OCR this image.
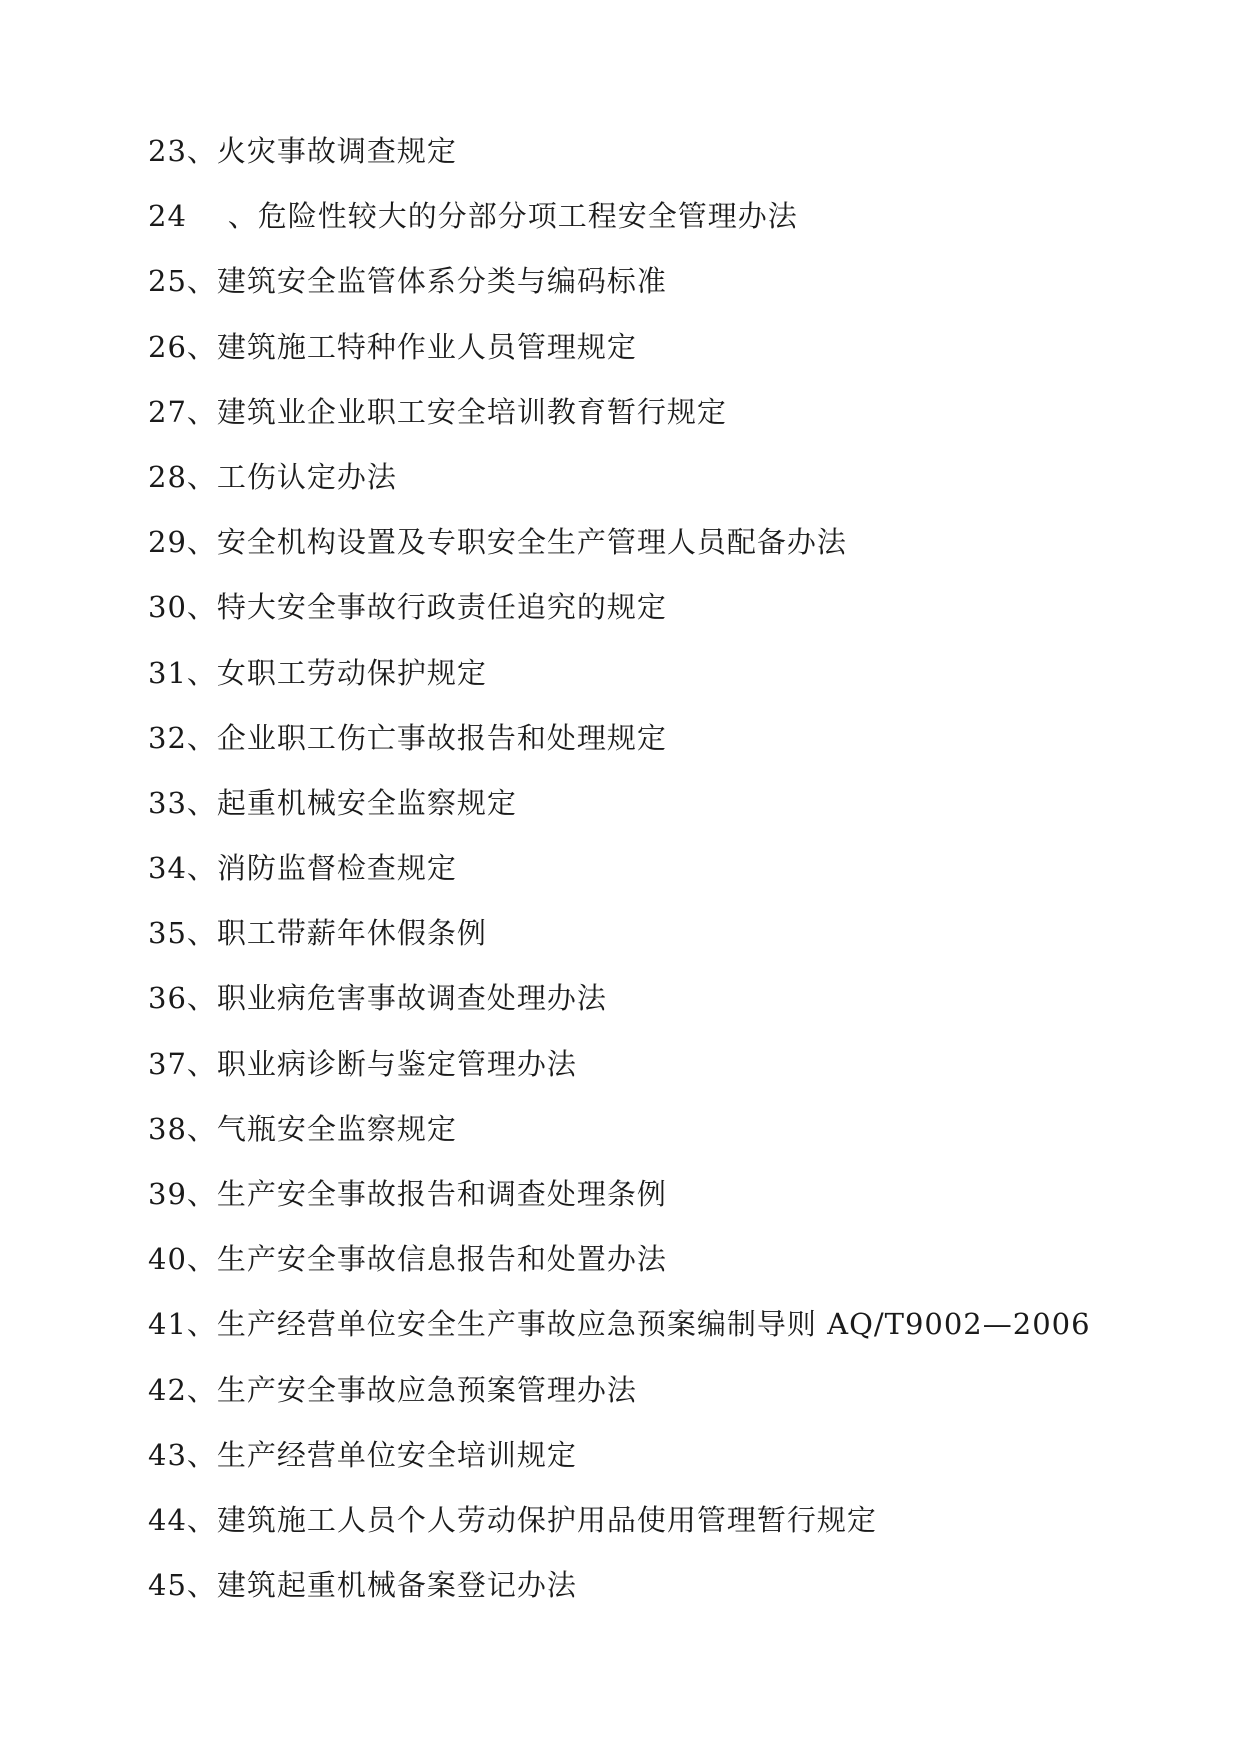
23、火灾事故调查规定
24    、危险性较大的分部分项工程安全管理办法
25、建筑安全监管体系分类与编码标准
26、建筑施工特种作业人员管理规定
27、建筑业企业职工安全培训教育暂行规定
28、工伤认定办法
29、安全机构设置及专职安全生产管理人员配备办法
30、特大安全事故行政责任追究的规定
31、女职工劳动保护规定
32、企业职工伤亡事故报告和处理规定
33、起重机械安全监察规定
34、消防监督检查规定
35、职工带薪年休假条例
36、职业病危害事故调查处理办法
37、职业病诊断与鉴定管理办法
38、气瓶安全监察规定
39、生产安全事故报告和调查处理条例
40、生产安全事故信息报告和处置办法
41、生产经营单位安全生产事故应急预案编制导则 AQ/T9002—2006
42、生产安全事故应急预案管理办法
43、生产经营单位安全培训规定
44、建筑施工人员个人劳动保护用品使用管理暂行规定
45、建筑起重机械备案登记办法
